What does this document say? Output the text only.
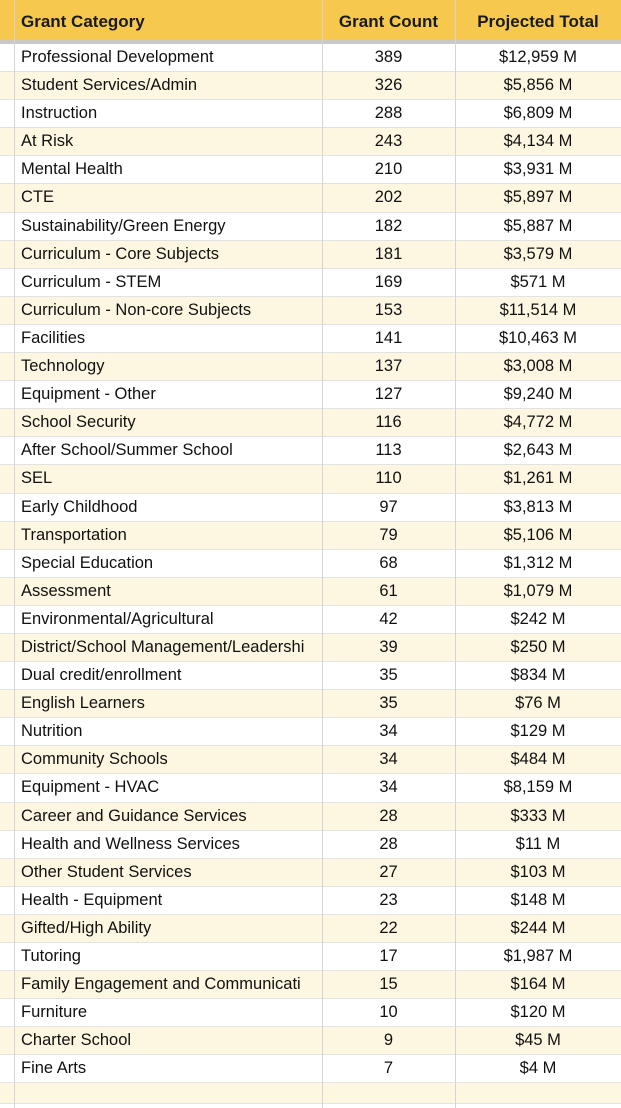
Grant Category	Grant Count	Projected Total
Professional Development	389	$12,959 M
Student Services/Admin	326	$5,856 M
Instruction	288	$6,809 M
At Risk	243	$4,134 M
Mental Health	210	$3,931 M
CTE	202	$5,897 M
Sustainability/Green Energy	182	$5,887 M
Curriculum - Core Subjects	181	$3,579 M
Curriculum - STEM	169	$571 M
Curriculum - Non-core Subjects	153	$11,514 M
Facilities	141	$10,463 M
Technology	137	$3,008 M
Equipment - Other	127	$9,240 M
School Security	116	$4,772 M
After School/Summer School	113	$2,643 M
SEL	110	$1,261 M
Early Childhood	97	$3,813 M
Transportation	79	$5,106 M
Special Education	68	$1,312 M
Assessment	61	$1,079 M
Environmental/Agricultural	42	$242 M
District/School Management/Leadershi	39	$250 M
Dual credit/enrollment	35	$834 M
English Learners	35	$76 M
Nutrition	34	$129 M
Community Schools	34	$484 M
Equipment - HVAC	34	$8,159 M
Career and Guidance Services	28	$333 M
Health and Wellness Services	28	$11 M
Other Student Services	27	$103 M
Health - Equipment	23	$148 M
Gifted/High Ability	22	$244 M
Tutoring	17	$1,987 M
Family Engagement and Communicati	15	$164 M
Furniture	10	$120 M
Charter School	9	$45 M
Fine Arts	7	$4 M
